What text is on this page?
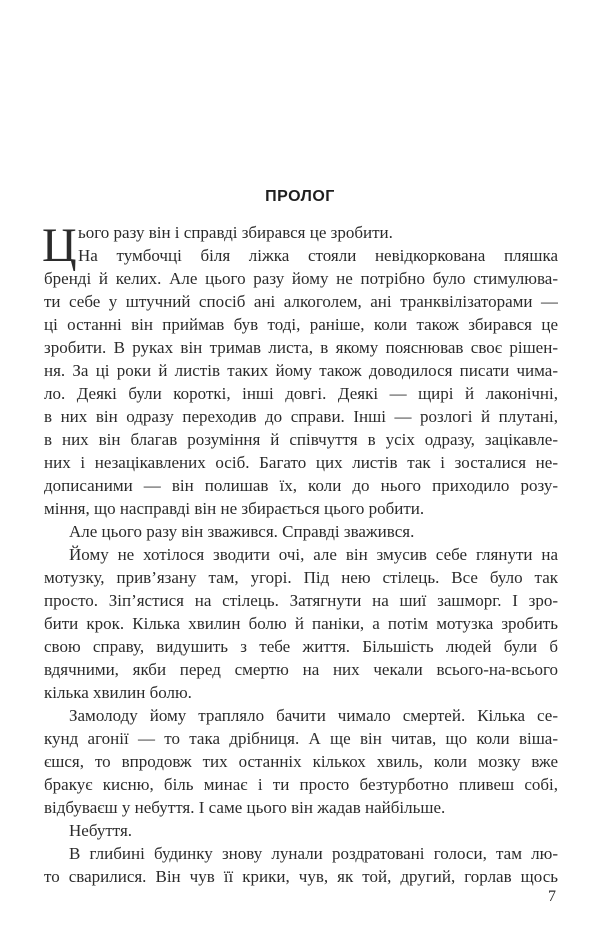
ПРОЛОГ
Ц ього разу він і справді збирався це зробити.
На тумбочці біля ліжка стояли невідкоркована пляшка
бренді й келих. Але цього разу йому не потрібно було стимулюва-
ти себе у штучний спосіб ані алкоголем, ані транквілізаторами —
ці останні він приймав був тоді, раніше, коли також збирався це
зробити. В руках він тримав листа, в якому пояснював своє рішен-
ня. За ці роки й листів таких йому також доводилося писати чима-
ло. Деякі були короткі, інші довгі. Деякі — щирі й лаконічні,
в них він одразу переходив до справи. Інші — розлогі й плутані,
в них він благав розуміння й співчуття в усіх одразу, зацікавле-
них і незацікавлених осіб. Багато цих листів так і зосталися не-
дописаними — він полишав їх, коли до нього приходило розу-
міння, що насправді він не збирається цього робити.
Але цього разу він зважився. Справді зважився.
Йому не хотілося зводити очі, але він змусив себе глянути на
мотузку, прив’язану там, угорі. Під нею стілець. Все було так
просто. Зіп’ястися на стілець. Затягнути на шиї зашморг. І зро-
бити крок. Кілька хвилин болю й паніки, а потім мотузка зробить
свою справу, видушить з тебе життя. Більшість людей були б
вдячними, якби перед смертю на них чекали всього-на-всього
кілька хвилин болю.
Замолоду йому траплялo бачити чимало смертей. Кілька се-
кунд агонії — то така дрібниця. А ще він читав, що коли віша-
єшся, то впродовж тих останніх кількох хвиль, коли мозку вже
бракує кисню, біль минає і ти просто безтурботно пливеш собі,
відбуваєш у небуття. І саме цього він жадав найбільше.
Небуття.
В глибині будинку знову лунали роздратовані голоси, там лю-
то сварилися. Він чув її крики, чув, як той, другий, горлав щось
7
